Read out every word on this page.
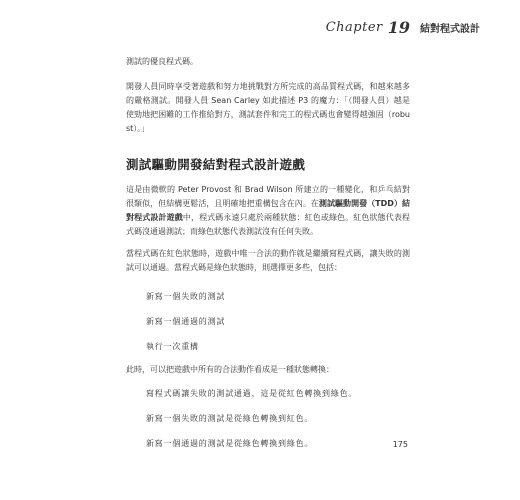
Chapter 19 結對程式設計
測試的優良程式碼。
開發人員同時享受著遊戲和努力地挑戰對方所完成的高品質程式碼，和越來越多的嚴格測試。開發人員 Sean Carley 如此描述 P3 的魔力：「（開發人員）越是使勁地把困難的工作推給對方，測試套件和完工的程式碼也會變得越強固（robust）。」
測試驅動開發結對程式設計遊戲
這是由微軟的 Peter Provost 和 Brad Wilson 所建立的一種變化，和乒乓結對很類似，但結構更鬆活，且明確地把重構包含在內。在測試驅動開發（TDD）結對程式設計遊戲中，程式碼永遠只處於兩種狀態：紅色或綠色。紅色狀態代表程式碼沒通過測試；而綠色狀態代表測試沒有任何失敗。
當程式碼在紅色狀態時，遊戲中唯一合法的動作就是繼續寫程式碼，讓失敗的測試可以通過。當程式碼是綠色狀態時，則選擇更多些，包括：
新寫一個失敗的測試
新寫一個通過的測試
執行一次重構
此時，可以把遊戲中所有的合法動作看成是一種狀態轉換：
寫程式碼讓失敗的測試通過，這是從紅色轉換到綠色。
新寫一個失敗的測試是從綠色轉換到紅色。
新寫一個通過的測試是從綠色轉換到綠色。	175
